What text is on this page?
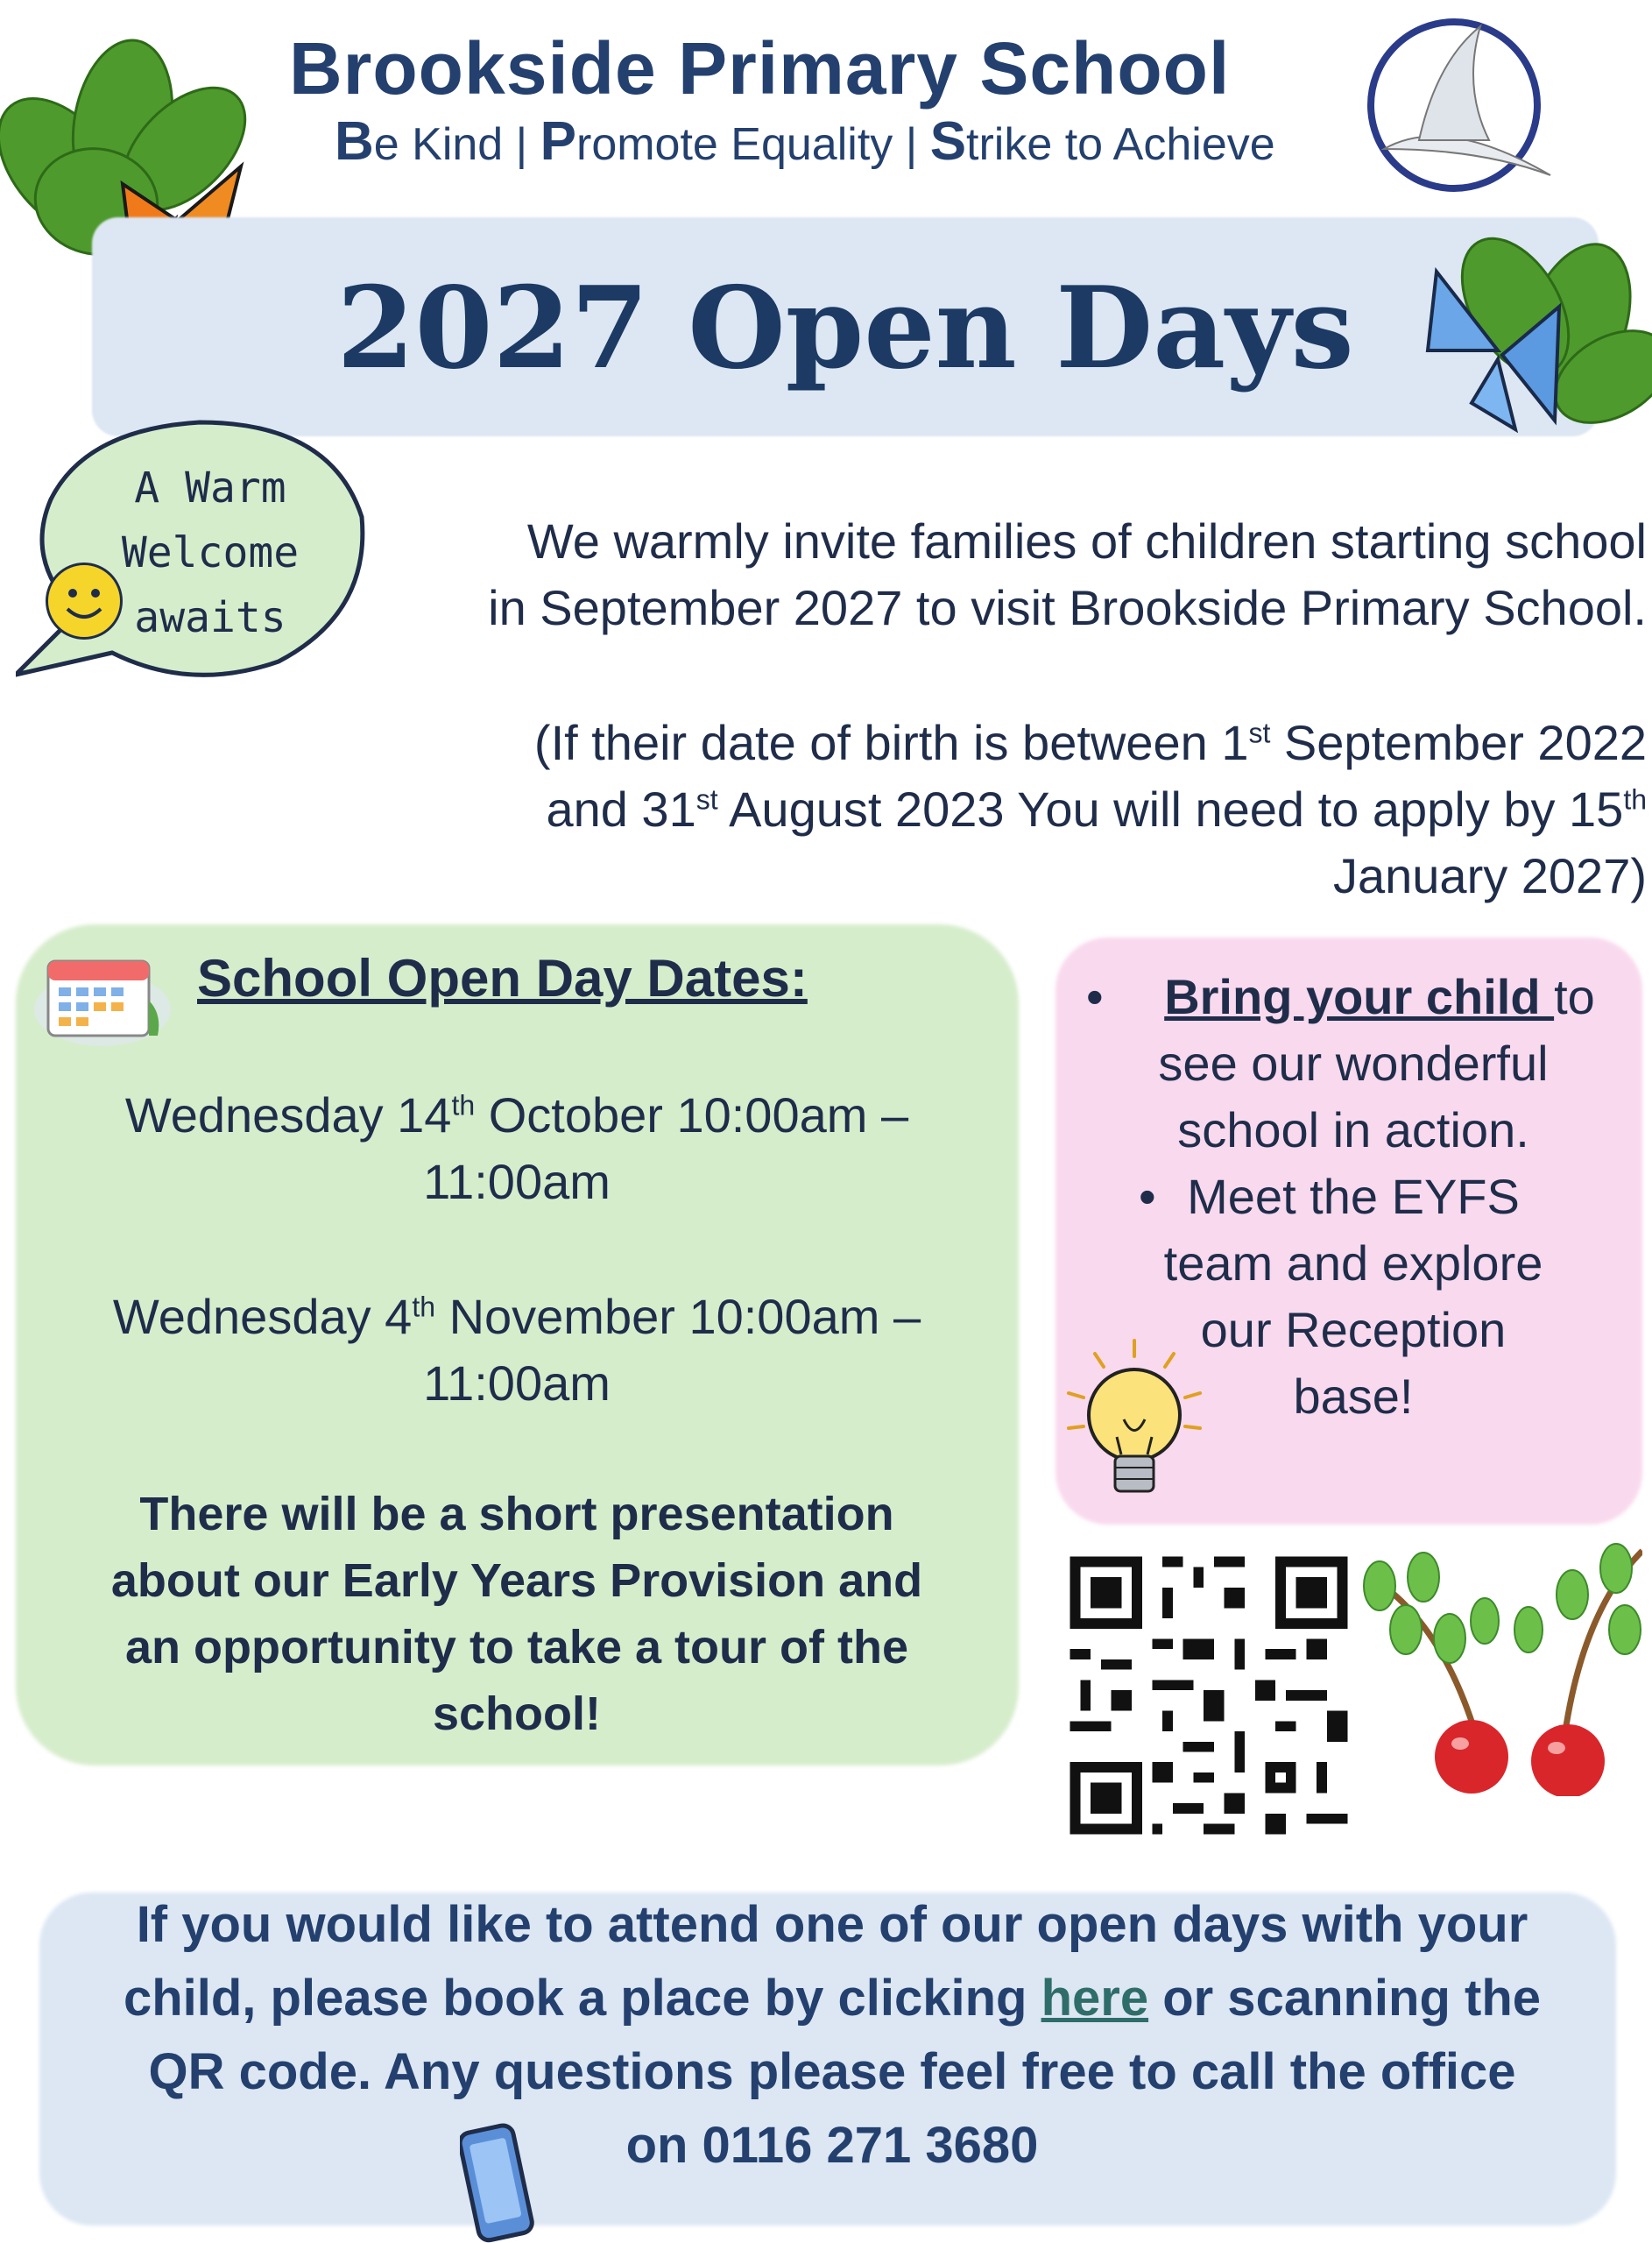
Brookside Primary School
Be Kind | Promote Equality | Strike to Achieve
2027 Open Days
A Warm
Welcome
awaits
We warmly invite families of children starting school
in September 2027 to visit Brookside Primary School.
(If their date of birth is between 1st September 2022
and 31st August 2023 You will need to apply by 15th
January 2027)
School Open Day Dates:
Wednesday 14th October 10:00am –
11:00am
Wednesday 4th November 10:00am –
11:00am
There will be a short presentation
about our Early Years Provision and
an opportunity to take a tour of the
school!
•	Bring your child to
see our wonderful
school in action.
• Meet the EYFS
team and explore
our Reception
base!
If you would like to attend one of our open days with your
child, please book a place by clicking here or scanning the
QR code. Any questions please feel free to call the office
on 0116 271 3680
